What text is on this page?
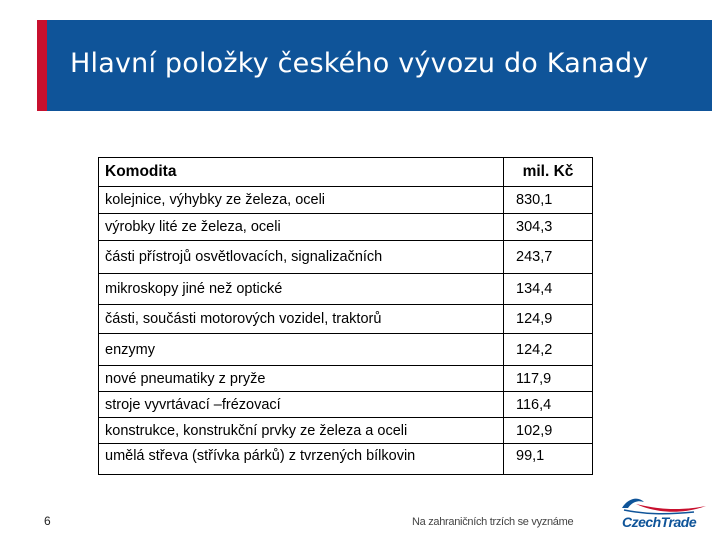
Hlavní položky českého vývozu do Kanady
Komodita	mil. Kč
kolejnice, výhybky ze železa, oceli	830,1
výrobky lité ze železa, oceli	304,3
části přístrojů osvětlovacích, signalizačních	243,7
mikroskopy jiné než optické	134,4
části, součásti motorových vozidel, traktorů	124,9
enzymy	124,2
nové pneumatiky z pryže	117,9
stroje vyvrtávací –frézovací	116,4
konstrukce, konstrukční prvky ze železa a oceli	102,9
umělá střeva (střívka párků) z tvrzených bílkovin	99,1
6	Na zahraničních trzích se vyznáme	CzechTrade
